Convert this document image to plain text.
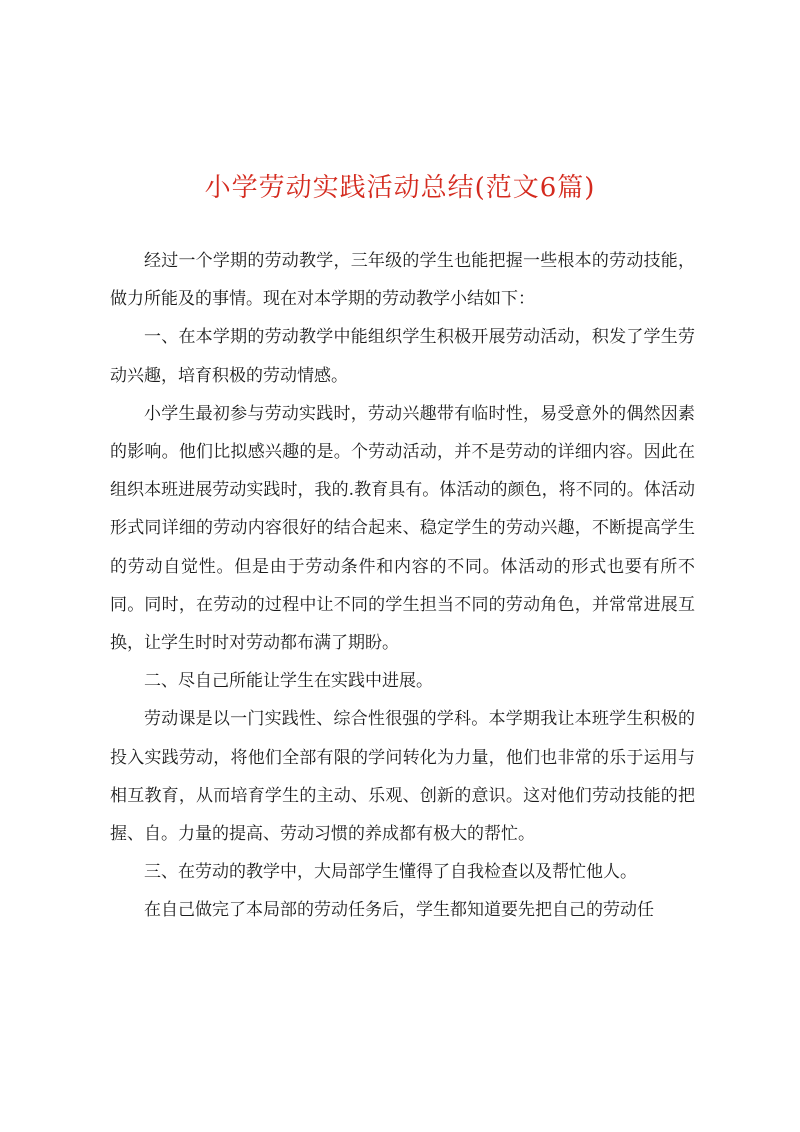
小学劳动实践活动总结(范文6篇)

经过一个学期的劳动教学，三年级的学生也能把握一些根本的劳动技能，做力所能及的事情。现在对本学期的劳动教学小结如下：

一、在本学期的劳动教学中能组织学生积极开展劳动活动，积发了学生劳动兴趣，培育积极的劳动情感。

小学生最初参与劳动实践时，劳动兴趣带有临时性，易受意外的偶然因素的影响。他们比拟感兴趣的是。个劳动活动，并不是劳动的详细内容。因此在组织本班进展劳动实践时，我的.教育具有。体活动的颜色，将不同的。体活动形式同详细的劳动内容很好的结合起来、稳定学生的劳动兴趣，不断提高学生的劳动自觉性。但是由于劳动条件和内容的不同。体活动的形式也要有所不同。同时，在劳动的过程中让不同的学生担当不同的劳动角色，并常常进展互换，让学生时时对劳动都布满了期盼。

二、尽自己所能让学生在实践中进展。

劳动课是以一门实践性、综合性很强的学科。本学期我让本班学生积极的投入实践劳动，将他们全部有限的学问转化为力量，他们也非常的乐于运用与相互教育，从而培育学生的主动、乐观、创新的意识。这对他们劳动技能的把握、自。力量的提高、劳动习惯的养成都有极大的帮忙。

三、在劳动的教学中，大局部学生懂得了自我检查以及帮忙他人。

在自己做完了本局部的劳动任务后，学生都知道要先把自己的劳动任
